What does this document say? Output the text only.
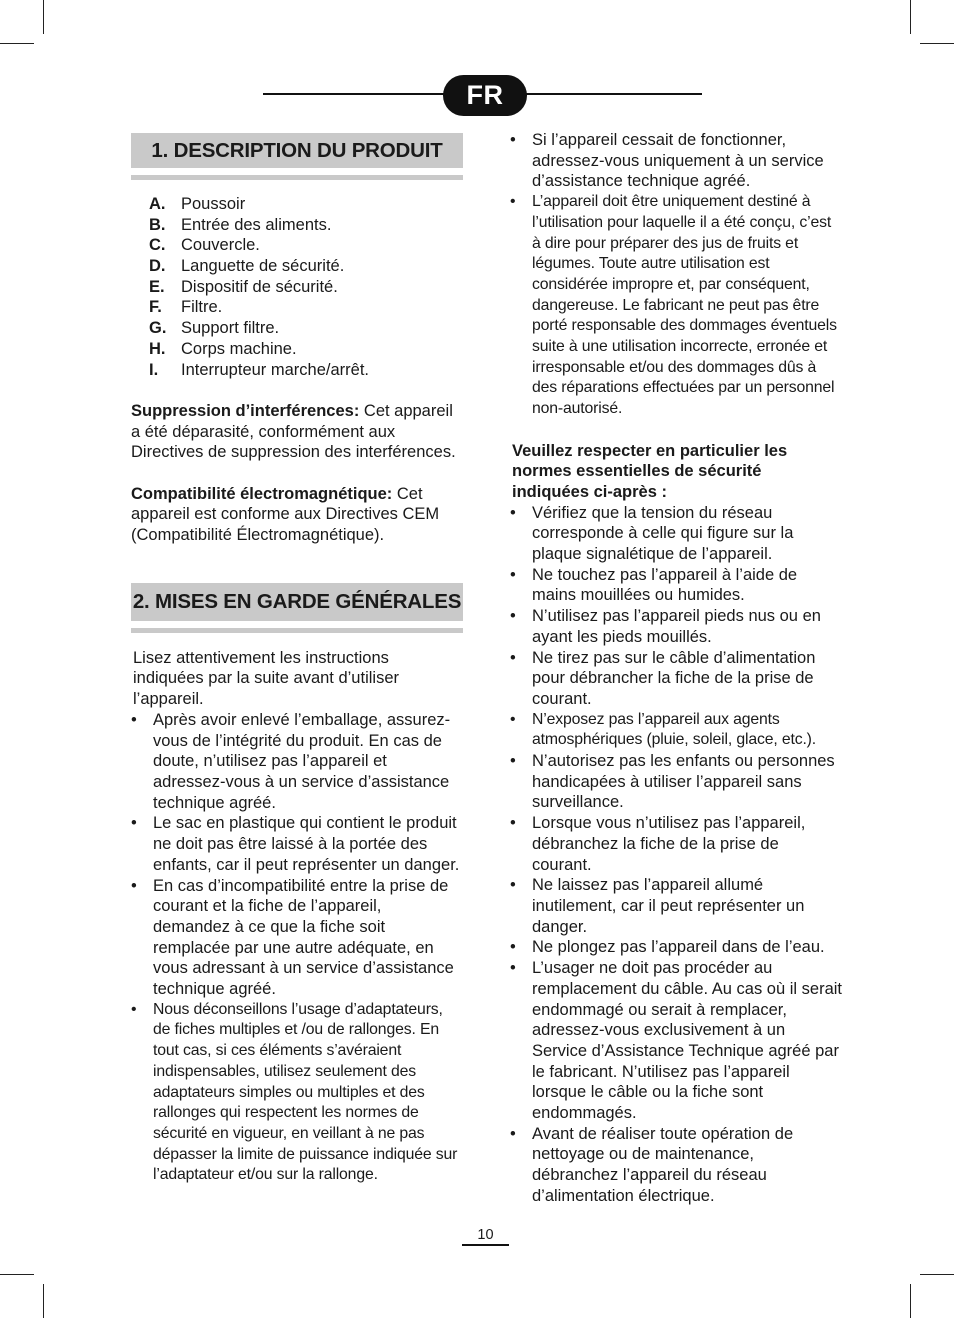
FR
1. DESCRIPTION DU PRODUIT
A. Poussoir
B. Entrée des aliments.
C. Couvercle.
D. Languette de sécurité.
E. Dispositif de sécurité.
F.	Filtre.
G. Support filtre.
H. Corps machine.
I.	Interrupteur marche/arrêt.

Suppression d’interférences: Cet appareil a été déparasité, conformément aux Directives de suppression des interférences.

Compatibilité électromagnétique: Cet appareil est conforme aux Directives CEM (Compatibilité Électromagnétique).

2. MISES EN GARDE GÉNÉRALES

Lisez attentivement les instructions indiquées par la suite avant d’utiliser l’appareil.

• Après avoir enlevé l’emballage, assurez-vous de l’intégrité du produit. En cas de doute, n’utilisez pas l’appareil et adressez-vous à un service d’assistance technique agréé.
• Le sac en plastique qui contient le produit ne doit pas être laissé à la portée des enfants, car il peut représenter un danger.
• En cas d’incompatibilité entre la prise de courant et la fiche de l’appareil, demandez à ce que la fiche soit remplacée par une autre adéquate, en vous adressant à un service d’assistance technique agréé.
• Nous déconseillons l’usage d’adaptateurs, de fiches multiples et /ou de rallonges. En tout cas, si ces éléments s’avéraient indispensables, utilisez seulement des adaptateurs simples ou multiples et des rallonges qui respectent les normes de sécurité en vigueur, en veillant à ne pas dépasser la limite de puissance indiquée sur l’adaptateur et/ou sur la rallonge.
• Si l’appareil cessait de fonctionner, adressez-vous uniquement à un service d’assistance technique agréé.
• L’appareil doit être uniquement destiné à l’utilisation pour laquelle il a été conçu, c’est à dire pour préparer des jus de fruits et légumes. Toute autre utilisation est considérée impropre et, par conséquent, dangereuse. Le fabricant ne peut pas être porté responsable des dommages éventuels suite à une utilisation incorrecte, erronée et irresponsable et/ou des dommages dûs à des réparations effectuées par un personnel non-autorisé.

Veuillez respecter en particulier les normes essentielles de sécurité indiquées ci-après :

• Vérifiez que la tension du réseau corresponde à celle qui figure sur la plaque signalétique de l’appareil.
• Ne touchez pas l’appareil à l’aide de mains mouillées ou humides.
• N’utilisez pas l’appareil pieds nus ou en ayant les pieds mouillés.
• Ne tirez pas sur le câble d’alimentation pour débrancher la fiche de la prise de courant.
• N’exposez pas l’appareil aux agents atmosphériques (pluie, soleil, glace, etc.).
• N’autorisez pas les enfants ou personnes handicapées à utiliser l’appareil sans surveillance.
• Lorsque vous n’utilisez pas l’appareil, débranchez la fiche de la prise de courant.
• Ne laissez pas l’appareil allumé inutilement, car il peut représenter un danger.
• Ne plongez pas l’appareil dans de l’eau.
• L’usager ne doit pas procéder au remplacement du câble. Au cas où il serait endommagé ou serait à remplacer, adressez-vous exclusivement à un Service d’Assistance Technique agréé par le fabricant. N’utilisez pas l’appareil lorsque le câble ou la fiche sont endommagés.
• Avant de réaliser toute opération de nettoyage ou de maintenance, débranchez l’appareil du réseau d’alimentation électrique.
10
